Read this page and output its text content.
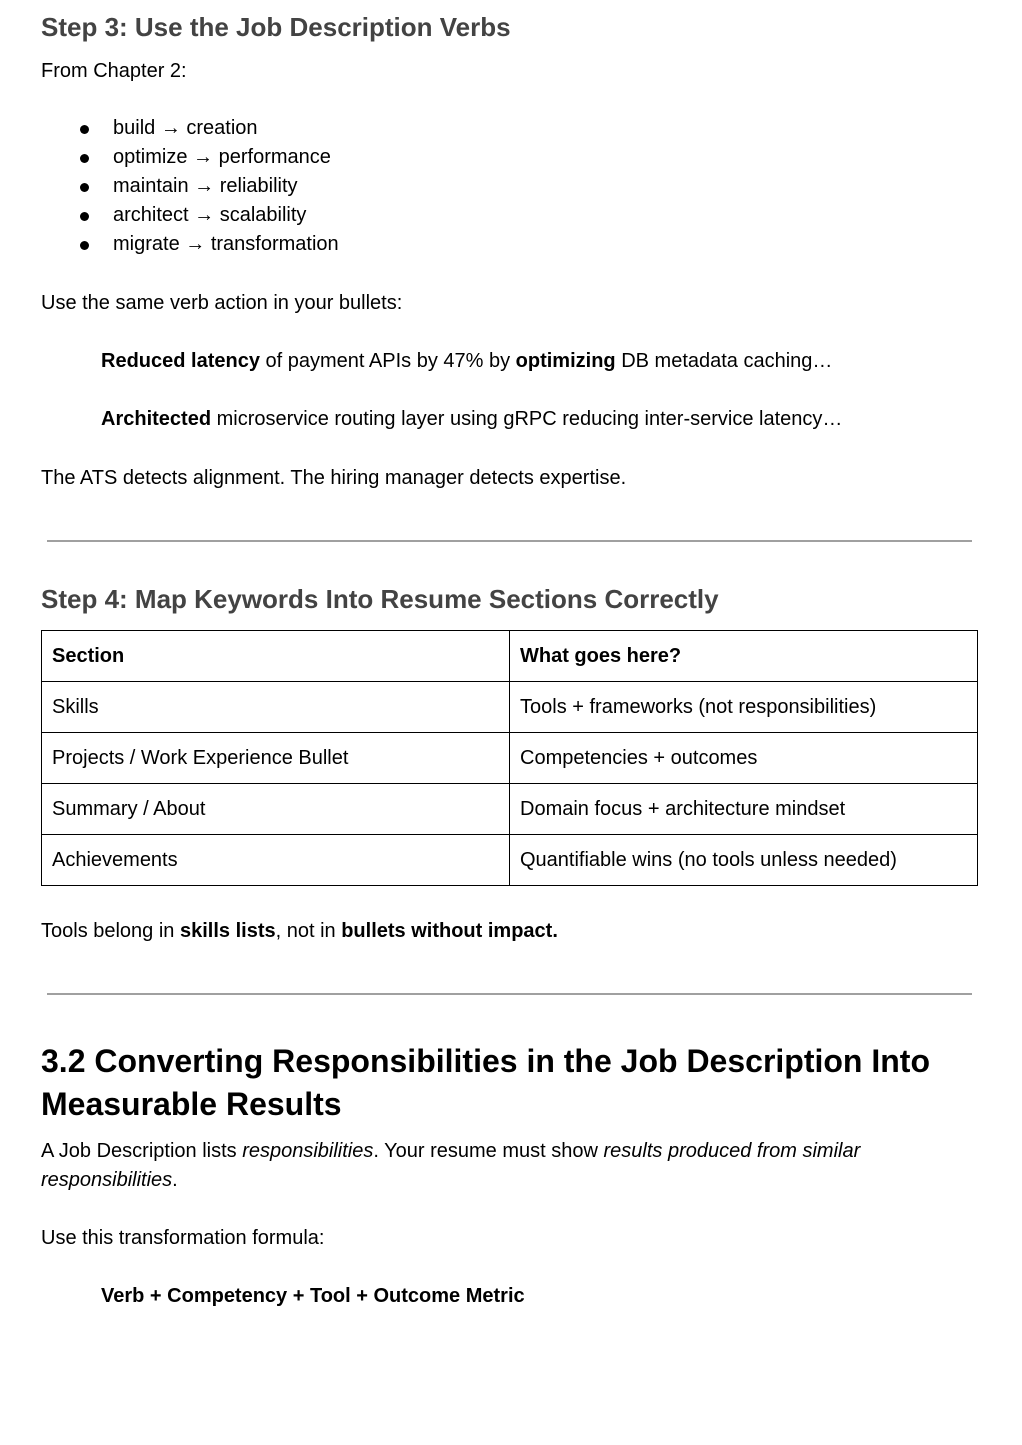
Step 3: Use the Job Description Verbs

From Chapter 2:

build → creation
optimize → performance
maintain → reliability
architect → scalability
migrate → transformation

Use the same verb action in your bullets:

Reduced latency of payment APIs by 47% by optimizing DB metadata caching…

Architected microservice routing layer using gRPC reducing inter-service latency…

The ATS detects alignment. The hiring manager detects expertise.

Step 4: Map Keywords Into Resume Sections Correctly
Section	What goes here?
Skills	Tools + frameworks (not responsibilities)
Projects / Work Experience Bullet	Competencies + outcomes
Summary / About	Domain focus + architecture mindset
Achievements	Quantifiable wins (no tools unless needed)

Tools belong in skills lists, not in bullets without impact.

3.2 Converting Responsibilities in the Job Description Into Measurable Results

A Job Description lists responsibilities. Your resume must show results produced from similar responsibilities.

Use this transformation formula:

Verb + Competency + Tool + Outcome Metric
